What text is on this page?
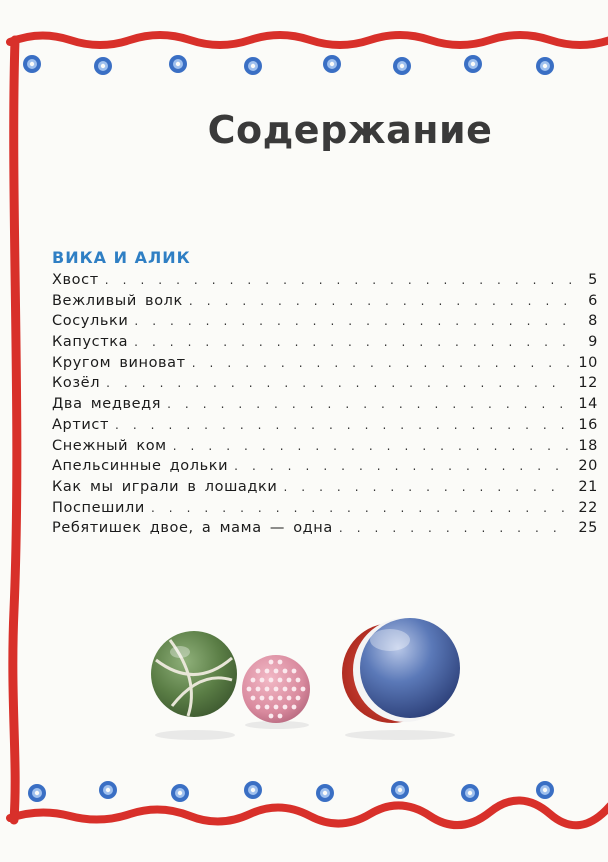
Содержание
ВИКА И АЛИК
Хвост . . .	5
Вежливый волк . . .	6
Сосульки . . .	8
Капустка . . .	9
Кругом виноват . . .	10
Козёл . . .	12
Два медведя . . .	14
Артист . . .	16
Снежный ком . . .	18
Апельсинные дольки . . .	20
Как мы играли в лошадки . . .	21
Поспешили . . .	22
Ребятишек двое, а мама — одна . . .	25
